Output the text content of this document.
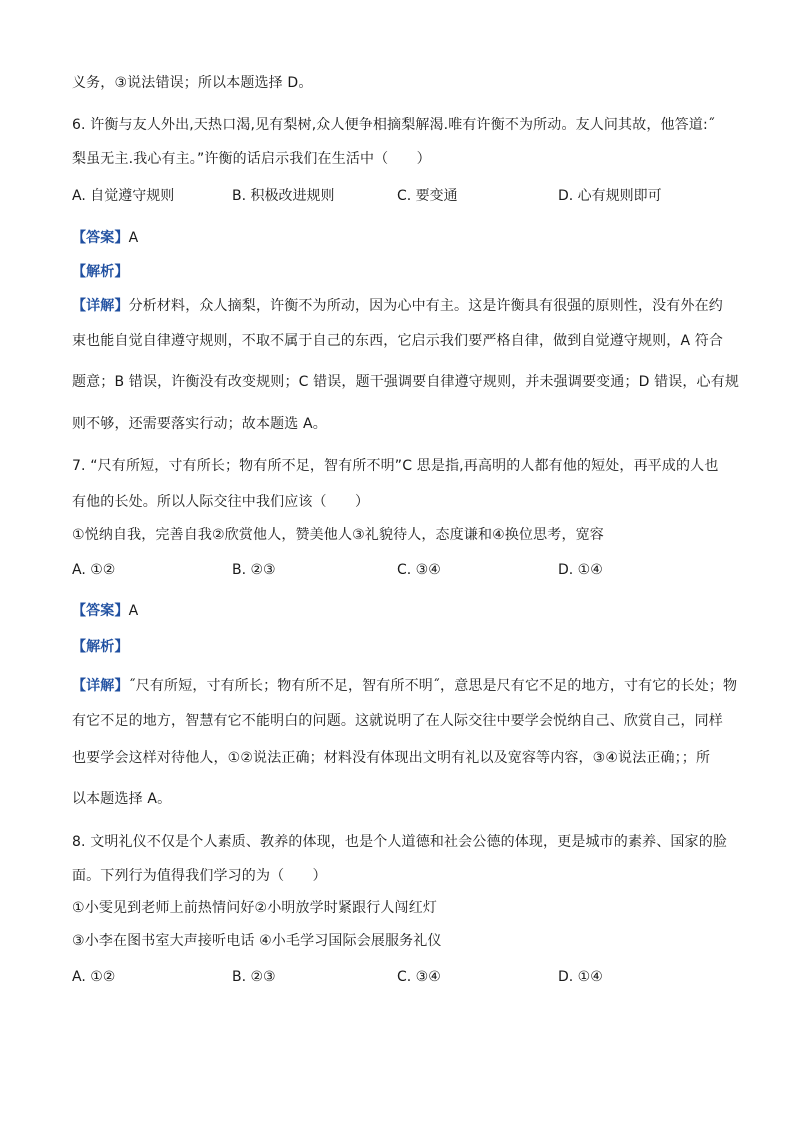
义务，③说法错误；所以本题选择 D。
6. 许衡与友人外出,天热口渴,见有梨树,众人便争相摘梨解渴.唯有许衡不为所动。友人问其故，他答道:˝
梨虽无主.我心有主。”许衡的话启示我们在生活中（　　）
A. 自觉遵守规则	B. 积极改进规则	C. 要变通	D. 心有规则即可
【答案】A
【解析】
【详解】分析材料，众人摘梨，许衡不为所动，因为心中有主。这是许衡具有很强的原则性，没有外在约
束也能自觉自律遵守规则，不取不属于自己的东西，它启示我们要严格自律，做到自觉遵守规则，A 符合
题意；B 错误，许衡没有改变规则；C 错误，题干强调要自律遵守规则，并未强调要变通；D 错误，心有规
则不够，还需要落实行动；故本题选 A。
7. “尺有所短，寸有所长；物有所不足，智有所不明”C 思是指,再高明的人都有他的短处，再平成的人也
有他的长处。所以人际交往中我们应该（　　）
①悦纳自我，完善自我②欣赏他人，赞美他人③礼貌待人，态度谦和④换位思考，宽容
A. ①②	B. ②③	C. ③④	D. ①④
【答案】A
【解析】
【详解】˝尺有所短，寸有所长；物有所不足，智有所不明˝，意思是尺有它不足的地方，寸有它的长处；物
有它不足的地方，智慧有它不能明白的问题。这就说明了在人际交往中要学会悦纳自己、欣赏自己，同样
也要学会这样对待他人，①②说法正确；材料没有体现出文明有礼以及宽容等内容，③④说法正确；；所
以本题选择 A。
8. 文明礼仪不仅是个人素质、教养的体现，也是个人道德和社会公德的体现，更是城市的素养、国家的脸
面。下列行为值得我们学习的为（　　）
①小雯见到老师上前热情问好②小明放学时紧跟行人闯红灯
③小李在图书室大声接听电话 ④小毛学习国际会展服务礼仪
A. ①②	B. ②③	C. ③④	D. ①④
